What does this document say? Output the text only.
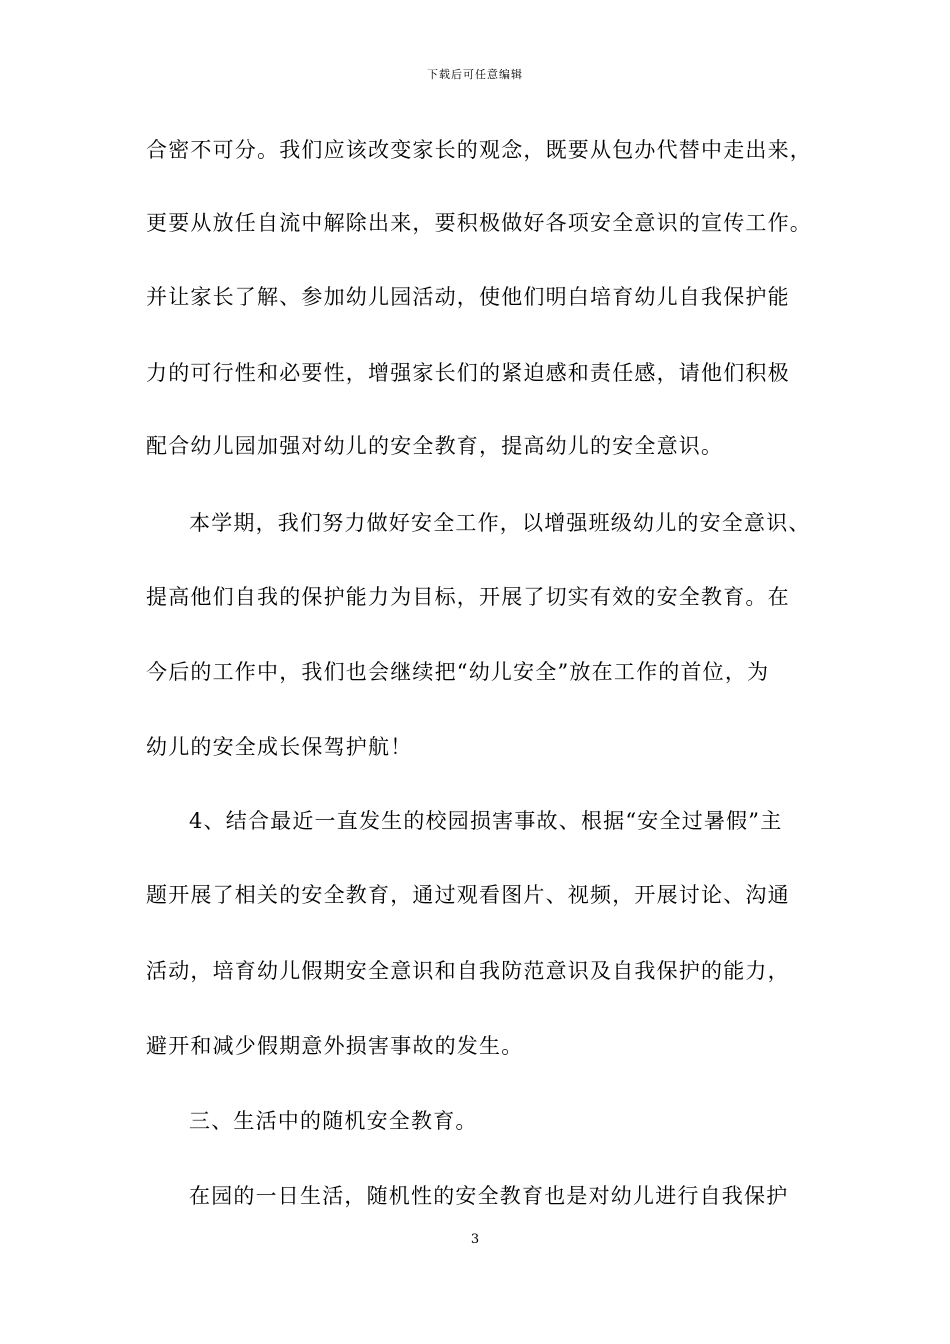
下载后可任意编辑
合密不可分。我们应该改变家长的观念，既要从包办代替中走出来，
更要从放任自流中解除出来，要积极做好各项安全意识的宣传工作。
并让家长了解、参加幼儿园活动，使他们明白培育幼儿自我保护能
力的可行性和必要性，增强家长们的紧迫感和责任感，请他们积极
配合幼儿园加强对幼儿的安全教育，提高幼儿的安全意识。
本学期，我们努力做好安全工作，以增强班级幼儿的安全意识、
提高他们自我的保护能力为目标，开展了切实有效的安全教育。在
今后的工作中，我们也会继续把“幼儿安全”放在工作的首位，为
幼儿的安全成长保驾护航！
4、结合最近一直发生的校园损害事故、根据“安全过暑假”主
题开展了相关的安全教育，通过观看图片、视频，开展讨论、沟通
活动，培育幼儿假期安全意识和自我防范意识及自我保护的能力，
避开和减少假期意外损害事故的发生。
三、生活中的随机安全教育。
在园的一日生活，随机性的安全教育也是对幼儿进行自我保护
3
